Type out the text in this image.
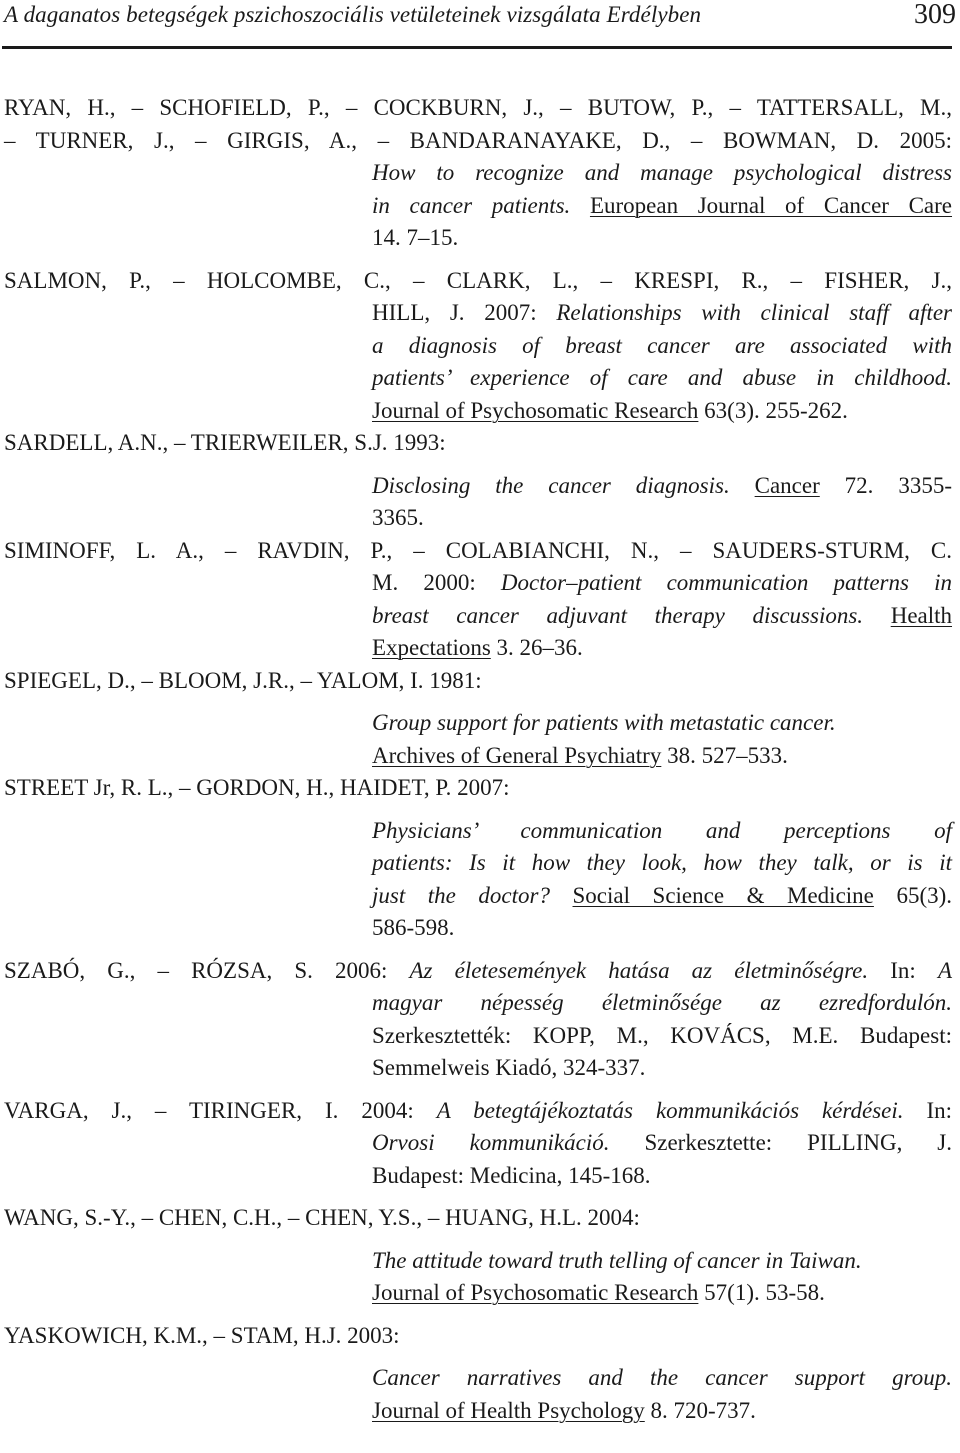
A daganatos betegségek pszichoszociális vetületeinek vizsgálata Erdélyben	309
RYAN, H., – SCHOFIELD, P., – COCKBURN, J., – BUTOW, P., – TATTERSALL, M.,
– TURNER, J., – GIRGIS, A., – BANDARANAYAKE, D., – BOWMAN, D. 2005:
How to recognize and manage psychological distress
in cancer patients. European Journal of Cancer Care
14. 7–15.
SALMON, P., – HOLCOMBE, C., – CLARK, L., – KRESPI, R., – FISHER, J.,
HILL, J. 2007: Relationships with clinical staff after
a diagnosis of breast cancer are associated with
patients’ experience of care and abuse in childhood.
Journal of Psychosomatic Research 63(3). 255-262.
SARDELL, A.N., – TRIERWEILER, S.J. 1993:
Disclosing the cancer diagnosis. Cancer 72. 3355-
3365.
SIMINOFF, L. A., – RAVDIN, P., – COLABIANCHI, N., – SAUDERS-STURM, C.
M. 2000: Doctor–patient communication patterns in
breast cancer adjuvant therapy discussions. Health
Expectations 3. 26–36.
SPIEGEL, D., – BLOOM, J.R., – YALOM, I. 1981:
Group support for patients with metastatic cancer.
Archives of General Psychiatry 38. 527–533.
STREET Jr, R. L., – GORDON, H., HAIDET, P. 2007:
Physicians’ communication and perceptions of
patients: Is it how they look, how they talk, or is it
just the doctor? Social Science & Medicine 65(3).
586-598.
SZABÓ, G., – RÓZSA, S. 2006: Az életesemények hatása az életminőségre. In: A
magyar népesség életminősége az ezredfordulón.
Szerkesztették: KOPP, M., KOVÁCS, M.E. Budapest:
Semmelweis Kiadó, 324-337.
VARGA, J., – TIRINGER, I. 2004: A betegtájékoztatás kommunikációs kérdései. In:
Orvosi kommunikáció. Szerkesztette: PILLING, J.
Budapest: Medicina, 145-168.
WANG, S.-Y., – CHEN, C.H., – CHEN, Y.S., – HUANG, H.L. 2004:
The attitude toward truth telling of cancer in Taiwan.
Journal of Psychosomatic Research 57(1). 53-58.
YASKOWICH, K.M., – STAM, H.J. 2003:
Cancer narratives and the cancer support group.
Journal of Health Psychology 8. 720-737.
